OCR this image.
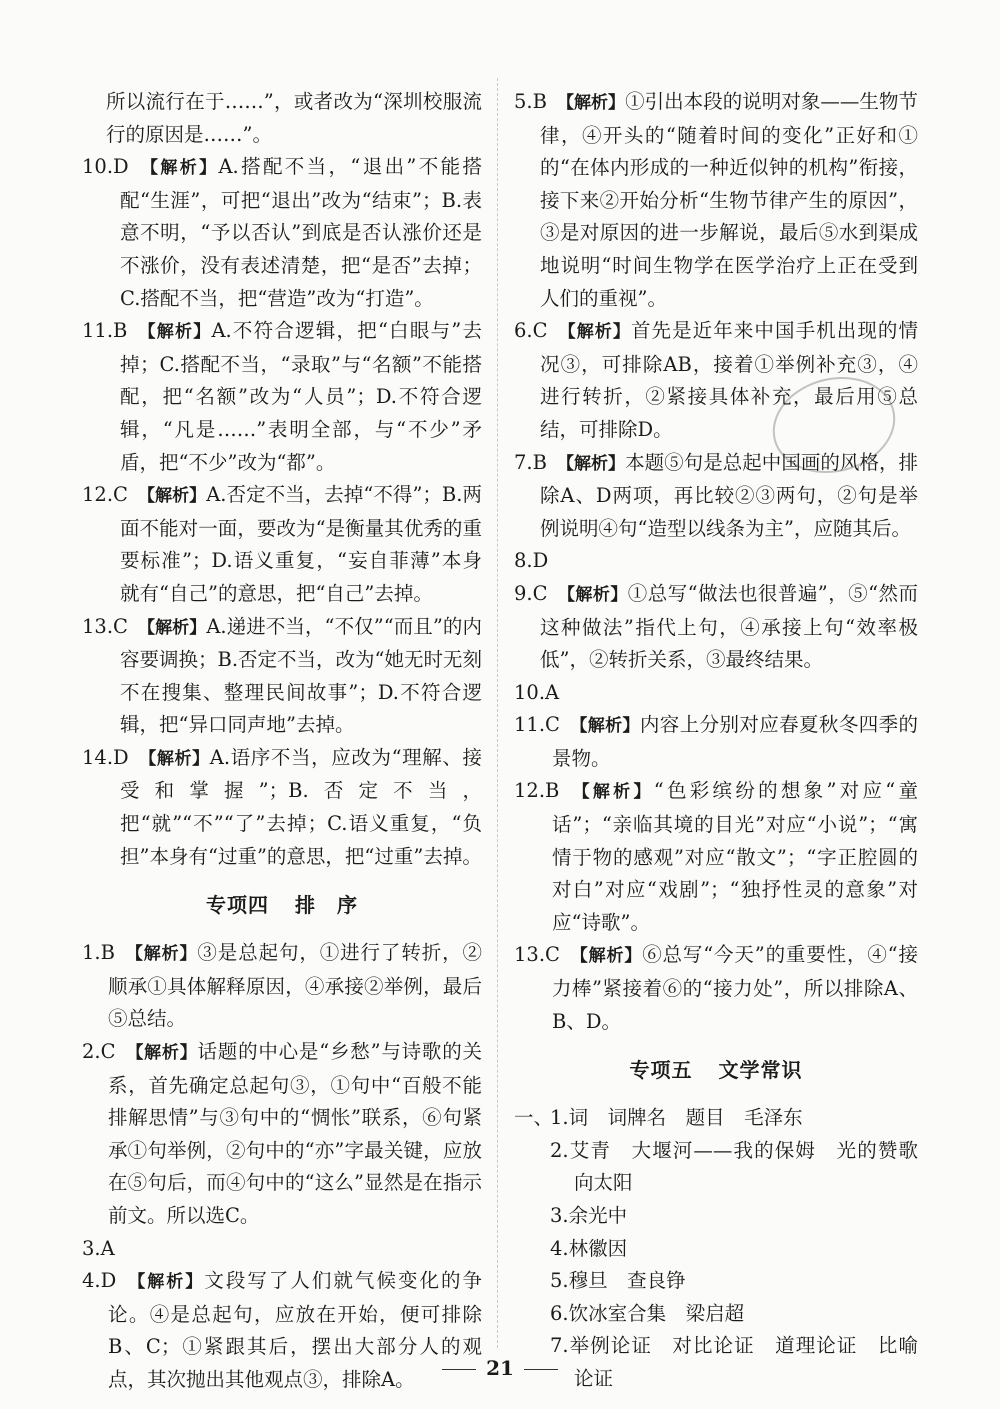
所以流行在于……”，或者改为“深圳校服流行的原因是……”。

10.D 【解析】A.搭配不当，“退出”不能搭配“生涯”，可把“退出”改为“结束”；B.表意不明，“予以否认”到底是否认涨价还是不涨价，没有表述清楚，把“是否”去掉；C.搭配不当，把“营造”改为“打造”。

11.B 【解析】A.不符合逻辑，把“白眼与”去掉；C.搭配不当，“录取”与“名额”不能搭配，把“名额”改为“人员”；D.不符合逻辑，“凡是……”表明全部，与“不少”矛盾，把“不少”改为“都”。

12.C 【解析】A.否定不当，去掉“不得”；B.两面不能对一面，要改为“是衡量其优秀的重要标准”；D.语义重复，“妄自菲薄”本身就有“自己”的意思，把“自己”去掉。

13.C 【解析】A.递进不当，“不仅”“而且”的内容要调换；B.否定不当，改为“她无时无刻不在搜集、整理民间故事”；D.不符合逻辑，把“异口同声地”去掉。

14.D 【解析】A.语序不当，应改为“理解、接受和掌握”；B.否定不当，把“就”“不”“了”去掉；C.语义重复，“负担”本身有“过重”的意思，把“过重”去掉。

专项四 排　序

1.B 【解析】③是总起句，①进行了转折，②顺承①具体解释原因，④承接②举例，最后⑤总结。

2.C 【解析】话题的中心是“乡愁”与诗歌的关系，首先确定总起句③，①句中“百般不能排解思情”与③句中的“惆怅”联系，⑥句紧承①句举例，②句中的“亦”字最关键，应放在⑤句后，而④句中的“这么”显然是在指示前文。所以选C。

3.A

4.D 【解析】文段写了人们就气候变化的争论。④是总起句，应放在开始，便可排除B、C；①紧跟其后，摆出大部分人的观点，其次抛出其他观点③，排除A。

5.B 【解析】①引出本段的说明对象——生物节律，④开头的“随着时间的变化”正好和①的“在体内形成的一种近似钟的机构”衔接，接下来②开始分析“生物节律产生的原因”，③是对原因的进一步解说，最后⑤水到渠成地说明“时间生物学在医学治疗上正在受到人们的重视”。

6.C 【解析】首先是近年来中国手机出现的情况③，可排除AB，接着①举例补充③，④进行转折，②紧接具体补充，最后用⑤总结，可排除D。

7.B 【解析】本题⑤句是总起中国画的风格，排除A、D两项，再比较②③两句，②句是举例说明④句“造型以线条为主”，应随其后。

8.D

9.C 【解析】①总写“做法也很普遍”，⑤“然而这种做法”指代上句，④承接上句“效率极低”，②转折关系，③最终结果。

10.A

11.C 【解析】内容上分别对应春夏秋冬四季的景物。

12.B 【解析】“色彩缤纷的想象”对应“童话”；“亲临其境的目光”对应“小说”；“寓情于物的感观”对应“散文”；“字正腔圆的对白”对应“戏剧”；“独抒性灵的意象”对应“诗歌”。

13.C 【解析】⑥总写“今天”的重要性，④“接力棒”紧接着⑥的“接力处”，所以排除A、B、D。

专项五 文学常识

一、1.词　词牌名　题目　毛泽东

2.艾青　大堰河——我的保姆　光的赞歌　向太阳

3.余光中

4.林徽因

5.穆旦　查良铮

6.饮冰室合集　梁启超

7.举例论证　对比论证　道理论证　比喻论证

21
